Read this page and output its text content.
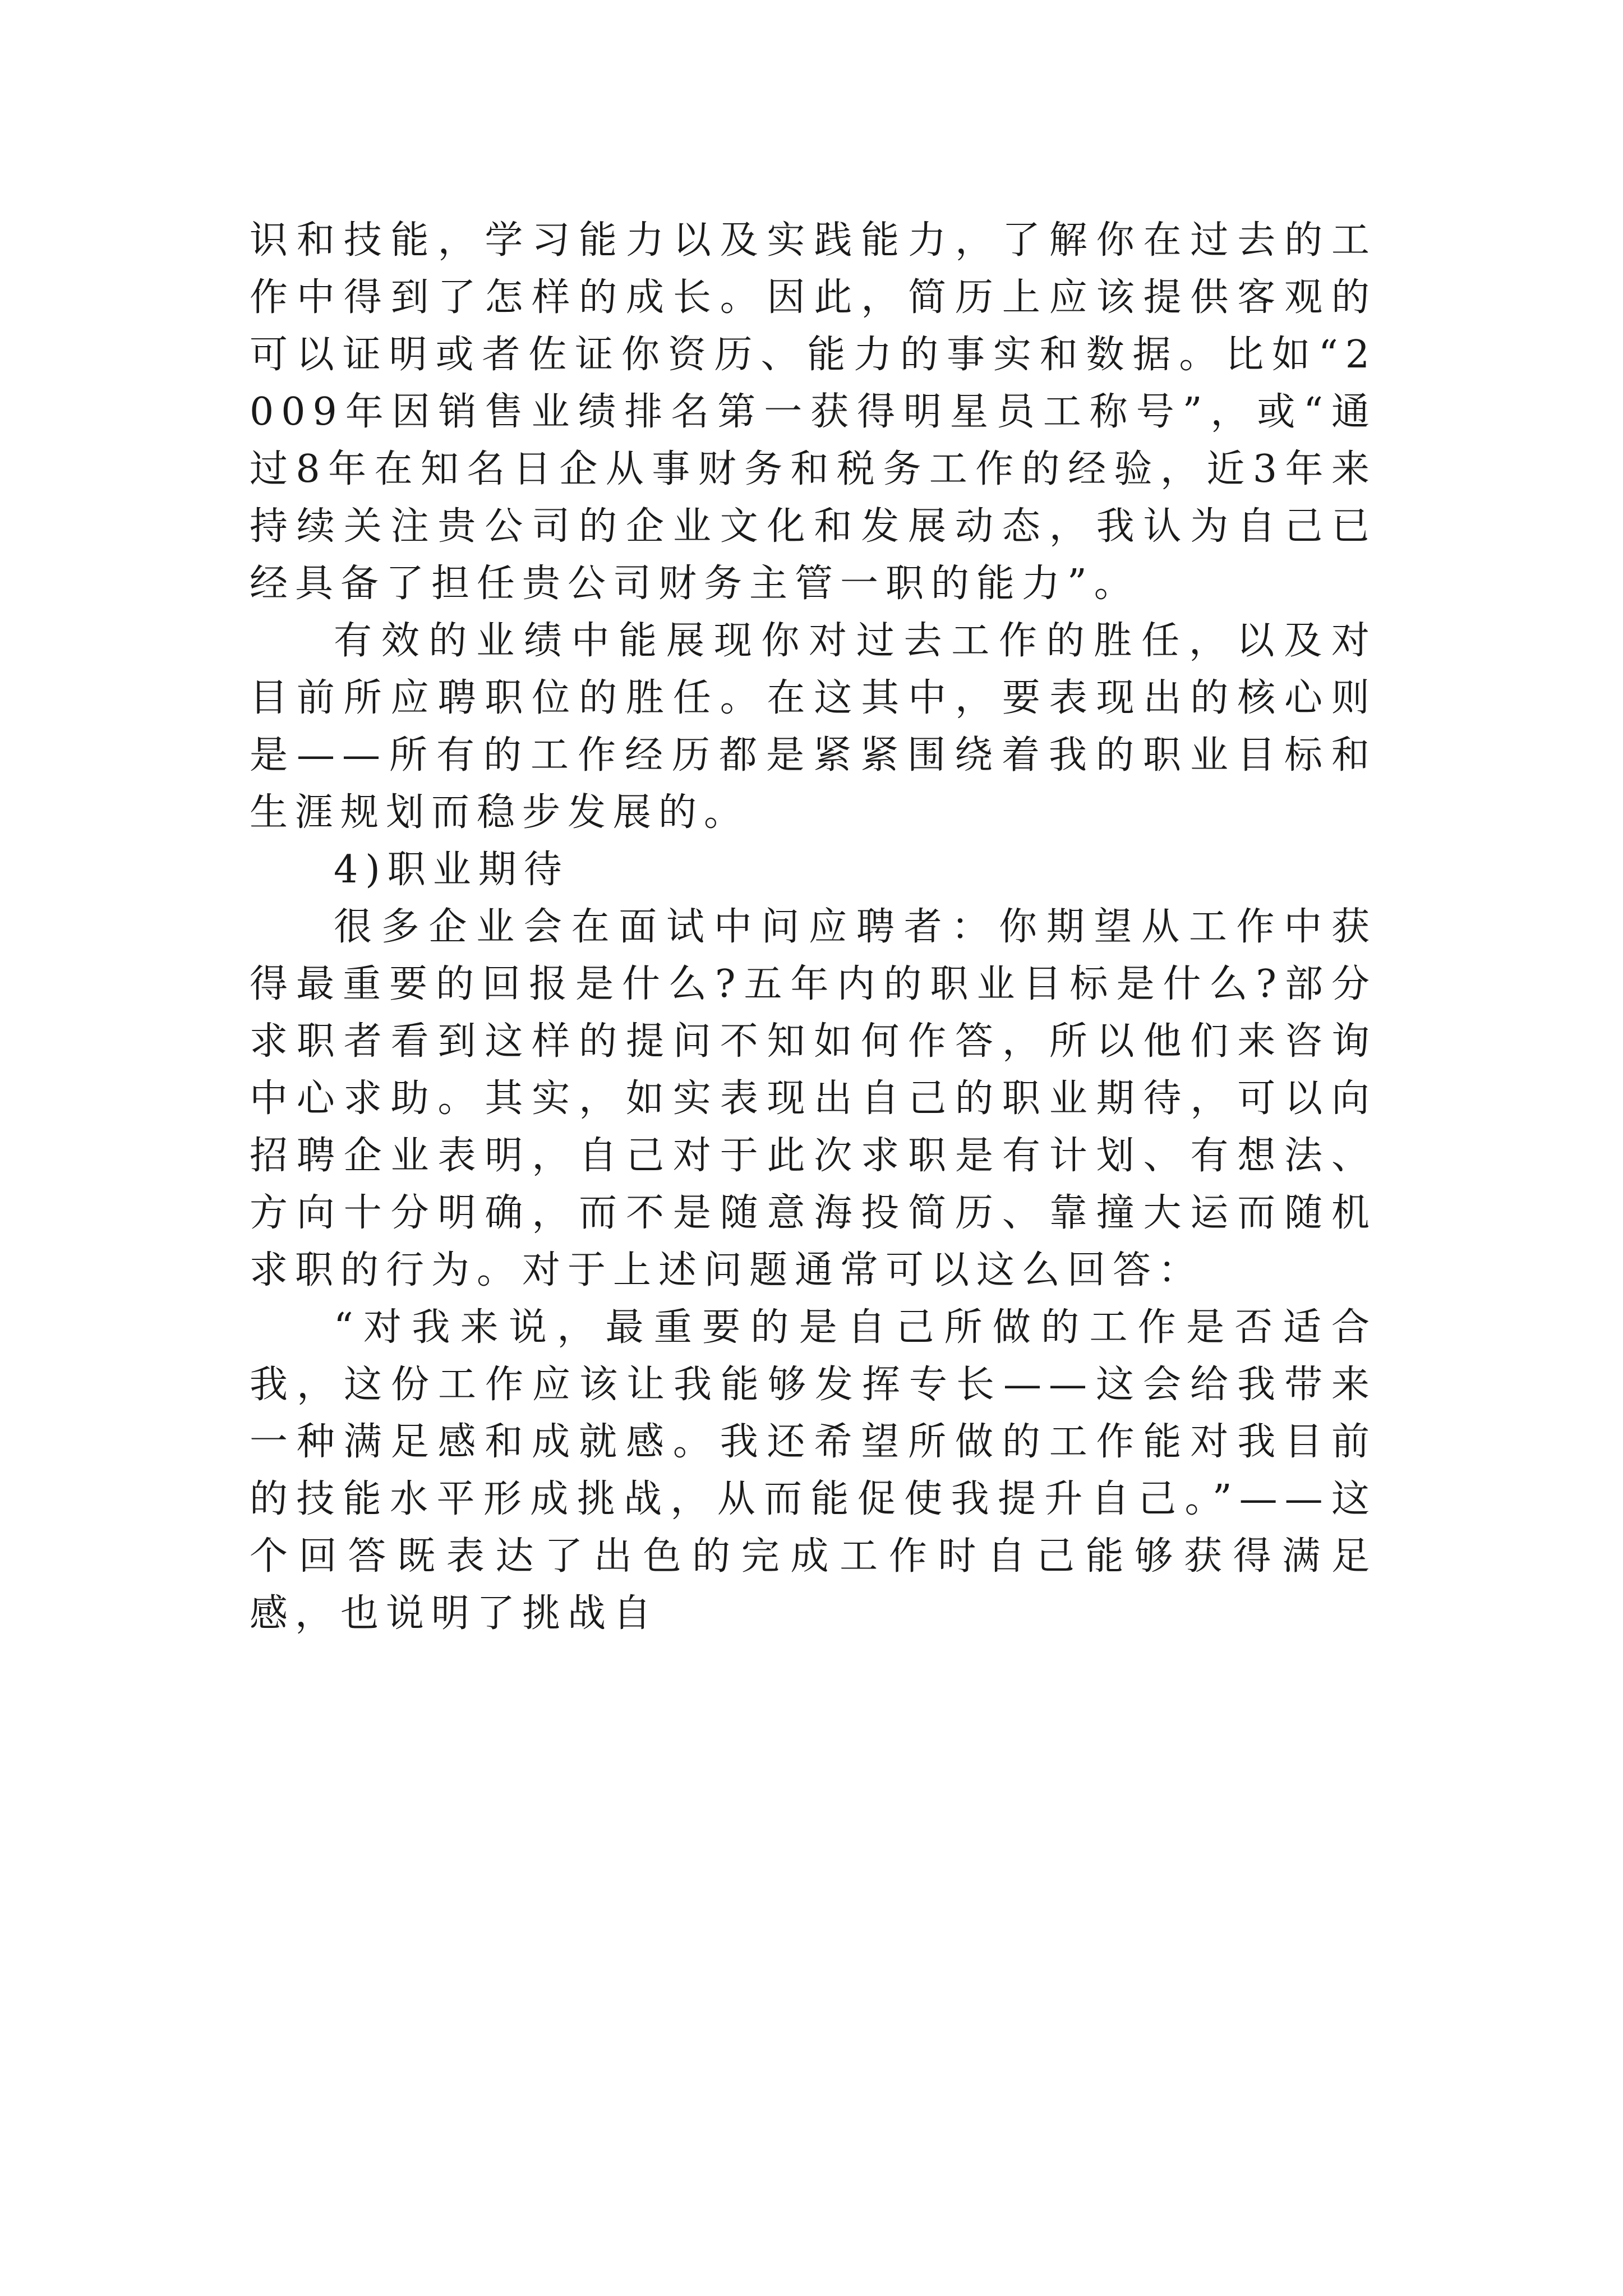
识和技能，学习能力以及实践能力，了解你在过去的工作中得到了怎样的成长。因此，简历上应该提供客观的可以证明或者佐证你资历、能力的事实和数据。比如“2009年因销售业绩排名第一获得明星员工称号”，或“通过8年在知名日企从事财务和税务工作的经验，近3年来持续关注贵公司的企业文化和发展动态，我认为自己已经具备了担任贵公司财务主管一职的能力”。

有效的业绩中能展现你对过去工作的胜任，以及对目前所应聘职位的胜任。在这其中，要表现出的核心则是——所有的工作经历都是紧紧围绕着我的职业目标和生涯规划而稳步发展的。

4)职业期待

很多企业会在面试中问应聘者：你期望从工作中获得最重要的回报是什么?五年内的职业目标是什么?部分求职者看到这样的提问不知如何作答，所以他们来咨询中心求助。其实，如实表现出自己的职业期待，可以向招聘企业表明，自己对于此次求职是有计划、有想法、方向十分明确，而不是随意海投简历、靠撞大运而随机求职的行为。对于上述问题通常可以这么回答：

“对我来说，最重要的是自己所做的工作是否适合我，这份工作应该让我能够发挥专长——这会给我带来一种满足感和成就感。我还希望所做的工作能对我目前的技能水平形成挑战，从而能促使我提升自己。”——这个回答既表达了出色的完成工作时自己能够获得满足感，也说明了挑战自
